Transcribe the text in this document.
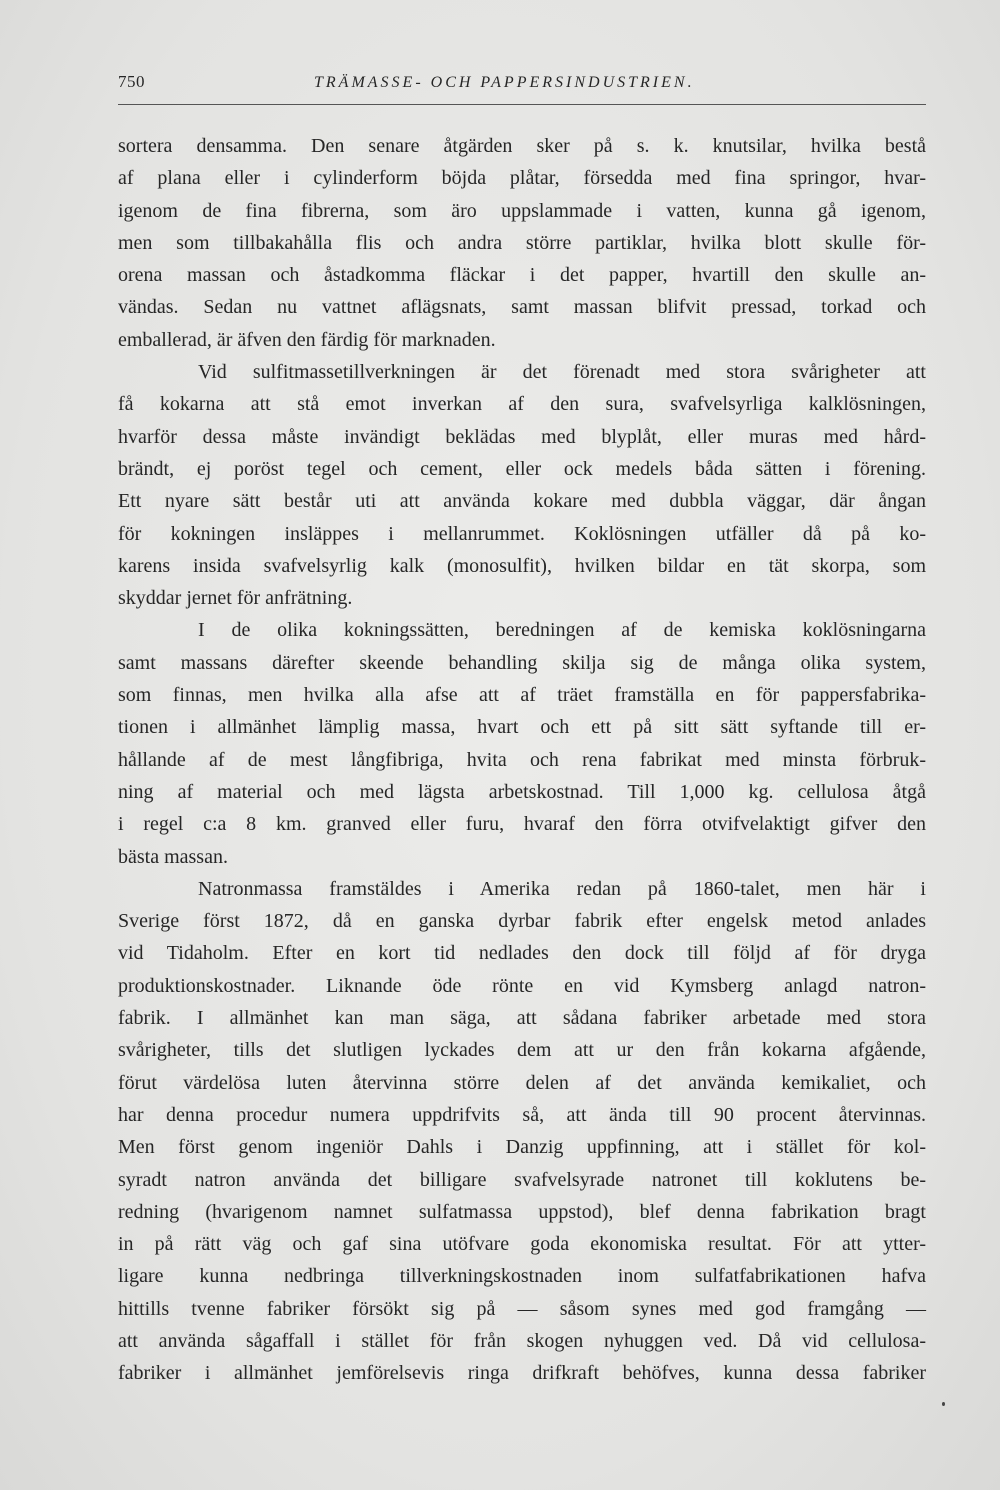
750	TRÄMASSE- OCH PAPPERSINDUSTRIEN.
sortera densamma. Den senare åtgärden sker på s. k. knutsilar, hvilka bestå
af plana eller i cylinderform böjda plåtar, försedda med fina springor, hvar-
igenom de fina fibrerna, som äro uppslammade i vatten, kunna gå igenom,
men som tillbakahålla flis och andra större partiklar, hvilka blott skulle för-
orena massan och åstadkomma fläckar i det papper, hvartill den skulle an-
vändas. Sedan nu vattnet aflägsnats, samt massan blifvit pressad, torkad och
emballerad, är äfven den färdig för marknaden.
Vid sulfitmassetillverkningen är det förenadt med stora svårigheter att
få kokarna att stå emot inverkan af den sura, svafvelsyrliga kalklösningen,
hvarför dessa måste invändigt beklädas med blyplåt, eller muras med hård-
brändt, ej poröst tegel och cement, eller ock medels båda sätten i förening.
Ett nyare sätt består uti att använda kokare med dubbla väggar, där ångan
för kokningen insläppes i mellanrummet. Koklösningen utfäller då på ko-
karens insida svafvelsyrlig kalk (monosulfit), hvilken bildar en tät skorpa, som
skyddar jernet för anfrätning.
I de olika kokningssätten, beredningen af de kemiska koklösningarna
samt massans därefter skeende behandling skilja sig de många olika system,
som finnas, men hvilka alla afse att af träet framställa en för pappersfabrika-
tionen i allmänhet lämplig massa, hvart och ett på sitt sätt syftande till er-
hållande af de mest långfibriga, hvita och rena fabrikat med minsta förbruk-
ning af material och med lägsta arbetskostnad. Till 1,000 kg. cellulosa åtgå
i regel c:a 8 km. granved eller furu, hvaraf den förra otvifvelaktigt gifver den
bästa massan.
Natronmassa framstäldes i Amerika redan på 1860-talet, men här i
Sverige först 1872, då en ganska dyrbar fabrik efter engelsk metod anlades
vid Tidaholm. Efter en kort tid nedlades den dock till följd af för dryga
produktionskostnader. Liknande öde rönte en vid Kymsberg anlagd natron-
fabrik. I allmänhet kan man säga, att sådana fabriker arbetade med stora
svårigheter, tills det slutligen lyckades dem att ur den från kokarna afgående,
förut värdelösa luten återvinna större delen af det använda kemikaliet, och
har denna procedur numera uppdrifvits så, att ända till 90 procent återvinnas.
Men först genom ingeniör Dahls i Danzig uppfinning, att i stället för kol-
syradt natron använda det billigare svafvelsyrade natronet till koklutens be-
redning (hvarigenom namnet sulfatmassa uppstod), blef denna fabrikation bragt
in på rätt väg och gaf sina utöfvare goda ekonomiska resultat. För att ytter-
ligare kunna nedbringa tillverkningskostnaden inom sulfatfabrikationen hafva
hittills tvenne fabriker försökt sig på — såsom synes med god framgång —
att använda sågaffall i stället för från skogen nyhuggen ved. Då vid cellulosa-
fabriker i allmänhet jemförelsevis ringa drifkraft behöfves, kunna dessa fabriker
